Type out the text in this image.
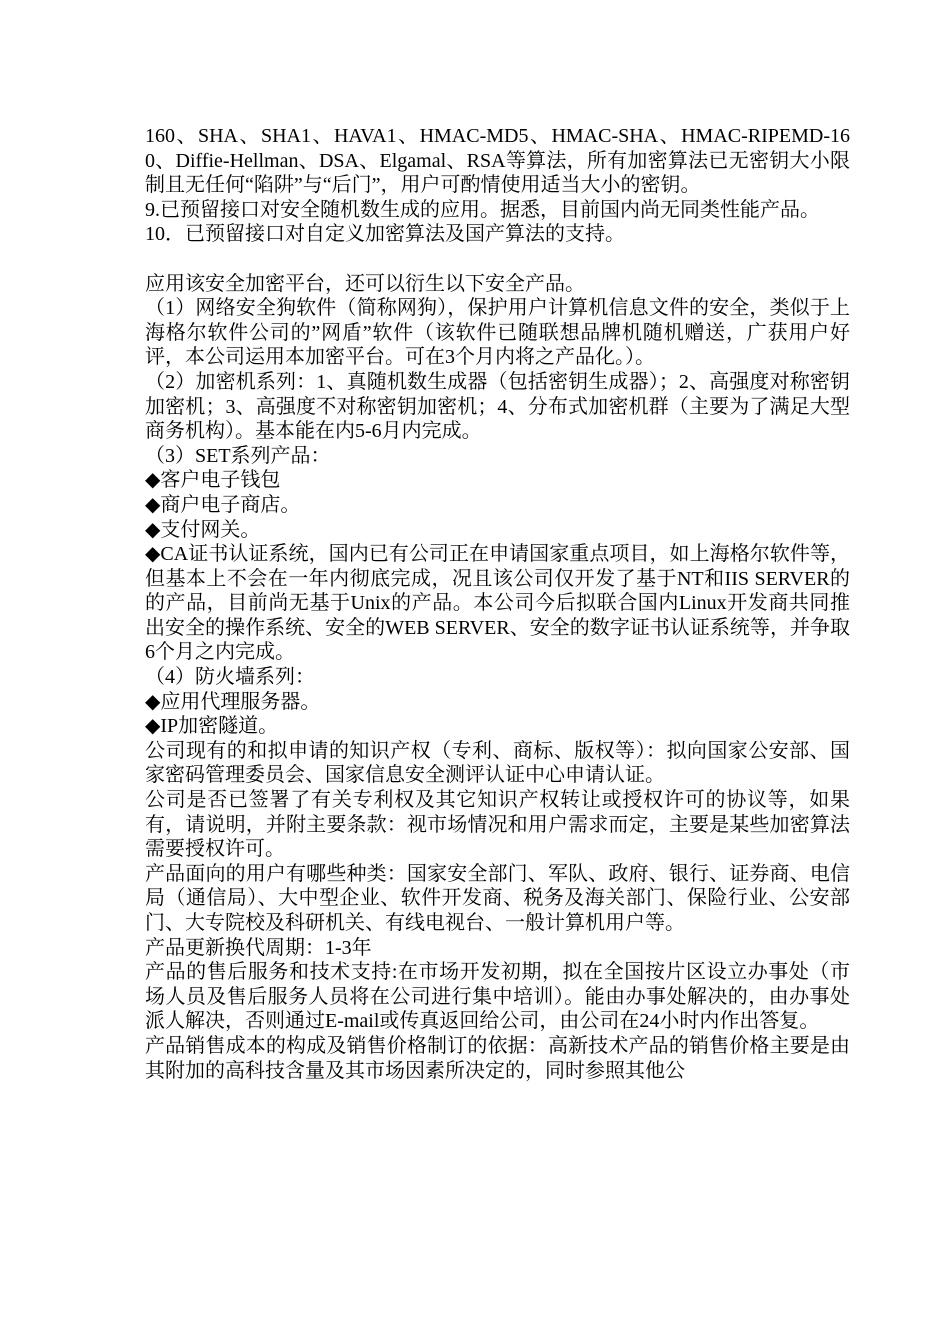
160、SHA、SHA1、HAVA1、HMAC-MD5、HMAC-SHA、HMAC-RIPEMD-160、Diffie-Hellman、DSA、Elgamal、RSA等算法，所有加密算法已无密钥大小限制且无任何“陷阱”与“后门”，用户可酌情使用适当大小的密钥。

9.已预留接口对安全随机数生成的应用。据悉，目前国内尚无同类性能产品。

10．已预留接口对自定义加密算法及国产算法的支持。

应用该安全加密平台，还可以衍生以下安全产品。

（1）网络安全狗软件（简称网狗），保护用户计算机信息文件的安全，类似于上海格尔软件公司的”网盾”软件（该软件已随联想品牌机随机赠送，广获用户好评，本公司运用本加密平台。可在3个月内将之产品化。）。

（2）加密机系列：1、真随机数生成器（包括密钥生成器）；2、高强度对称密钥加密机；3、高强度不对称密钥加密机；4、分布式加密机群（主要为了满足大型商务机构）。基本能在内5-6月内完成。

（3）SET系列产品：

◆客户电子钱包

◆商户电子商店。

◆支付网关。

◆CA证书认证系统，国内已有公司正在申请国家重点项目，如上海格尔软件等，但基本上不会在一年内彻底完成，况且该公司仅开发了基于NT和IIS SERVER的的产品，目前尚无基于Unix的产品。本公司今后拟联合国内Linux开发商共同推出安全的操作系统、安全的WEB SERVER、安全的数字证书认证系统等，并争取6个月之内完成。

（4）防火墙系列：

◆应用代理服务器。

◆IP加密隧道。

公司现有的和拟申请的知识产权（专利、商标、版权等）：拟向国家公安部、国家密码管理委员会、国家信息安全测评认证中心申请认证。

公司是否已签署了有关专利权及其它知识产权转让或授权许可的协议等，如果有，请说明，并附主要条款：视市场情况和用户需求而定，主要是某些加密算法需要授权许可。

产品面向的用户有哪些种类：国家安全部门、军队、政府、银行、证券商、电信局（通信局）、大中型企业、软件开发商、税务及海关部门、保险行业、公安部门、大专院校及科研机关、有线电视台、一般计算机用户等。

产品更新换代周期：1-3年

产品的售后服务和技术支持:在市场开发初期，拟在全国按片区设立办事处（市场人员及售后服务人员将在公司进行集中培训）。能由办事处解决的，由办事处派人解决，否则通过E-mail或传真返回给公司，由公司在24小时内作出答复。

产品销售成本的构成及销售价格制订的依据：高新技术产品的销售价格主要是由其附加的高科技含量及其市场因素所决定的，同时参照其他公
